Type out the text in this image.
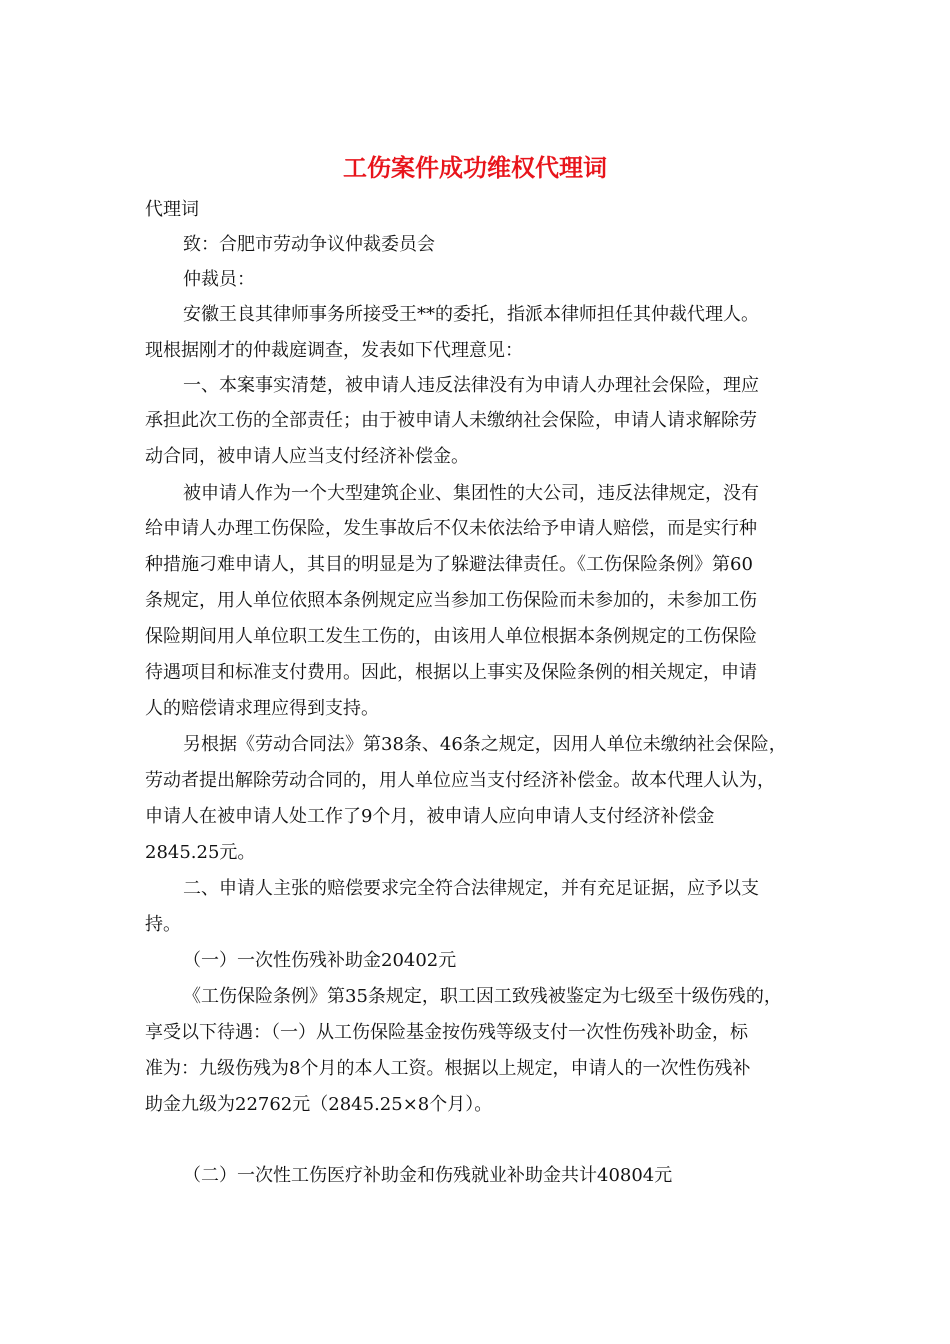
工伤案件成功维权代理词
代理词
致：合肥市劳动争议仲裁委员会
仲裁员：
安徽王良其律师事务所接受王**的委托，指派本律师担任其仲裁代理人。
现根据刚才的仲裁庭调查，发表如下代理意见：
一、本案事实清楚，被申请人违反法律没有为申请人办理社会保险，理应
承担此次工伤的全部责任；由于被申请人未缴纳社会保险，申请人请求解除劳
动合同，被申请人应当支付经济补偿金。
被申请人作为一个大型建筑企业、集团性的大公司，违反法律规定，没有
给申请人办理工伤保险，发生事故后不仅未依法给予申请人赔偿，而是实行种
种措施刁难申请人，其目的明显是为了躲避法律责任。《工伤保险条例》第60
条规定，用人单位依照本条例规定应当参加工伤保险而未参加的，未参加工伤
保险期间用人单位职工发生工伤的，由该用人单位根据本条例规定的工伤保险
待遇项目和标准支付费用。因此，根据以上事实及保险条例的相关规定，申请
人的赔偿请求理应得到支持。
另根据《劳动合同法》第38条、46条之规定，因用人单位未缴纳社会保险，
劳动者提出解除劳动合同的，用人单位应当支付经济补偿金。故本代理人认为，
申请人在被申请人处工作了9个月，被申请人应向申请人支付经济补偿金
2845.25元。
二、申请人主张的赔偿要求完全符合法律规定，并有充足证据，应予以支
持。
（一）一次性伤残补助金20402元
《工伤保险条例》第35条规定，职工因工致残被鉴定为七级至十级伤残的，
享受以下待遇：（一）从工伤保险基金按伤残等级支付一次性伤残补助金，标
准为：九级伤残为8个月的本人工资。根据以上规定，申请人的一次性伤残补
助金九级为22762元（2845.25×8个月）。
（二）一次性工伤医疗补助金和伤残就业补助金共计40804元
